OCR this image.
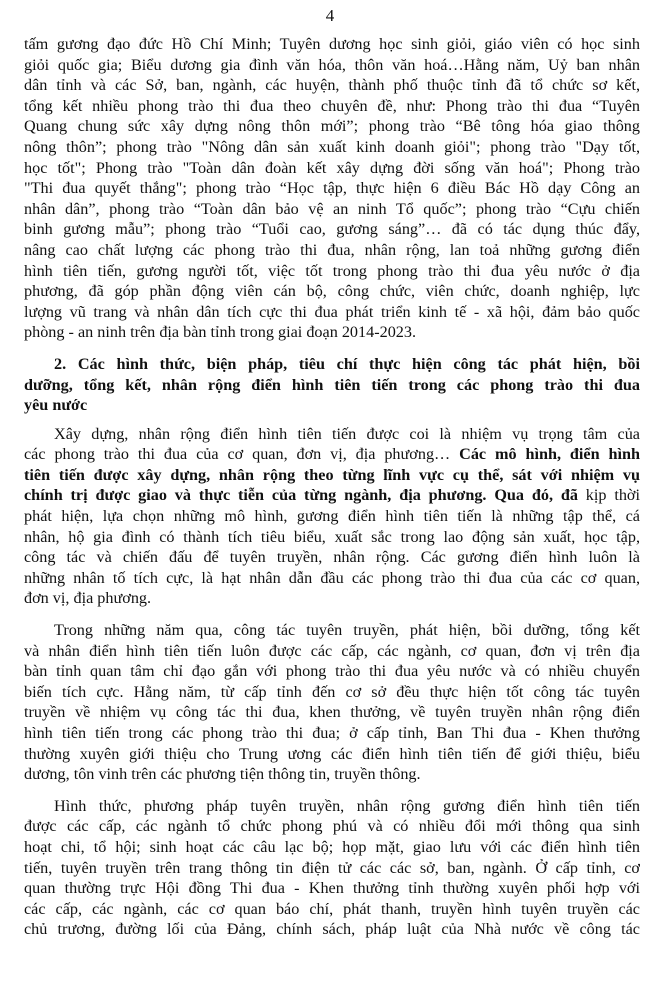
4

tấm gương đạo đức Hồ Chí Minh; Tuyên dương học sinh giỏi, giáo viên có học sinh
giỏi quốc gia; Biểu dương gia đình văn hóa, thôn văn hoá…Hằng năm, Uỷ ban nhân
dân tỉnh và các Sở, ban, ngành, các huyện, thành phố thuộc tỉnh đã tổ chức sơ kết,
tổng kết nhiều phong trào thi đua theo chuyên đề, như: Phong trào thi đua “Tuyên
Quang chung sức xây dựng nông thôn mới”; phong trào “Bê tông hóa giao thông
nông thôn”; phong trào "Nông dân sản xuất kinh doanh giỏi"; phong trào "Dạy tốt,
học tốt"; Phong trào "Toàn dân đoàn kết xây dựng đời sống văn hoá"; Phong trào
"Thi đua quyết thắng"; phong trào “Học tập, thực hiện 6 điều Bác Hồ dạy Công an
nhân dân”, phong trào “Toàn dân bảo vệ an ninh Tổ quốc”; phong trào “Cựu chiến
binh gương mẫu”; phong trào “Tuổi cao, gương sáng”… đã có tác dụng thúc đẩy,
nâng cao chất lượng các phong trào thi đua, nhân rộng, lan toả những gương điển
hình tiên tiến, gương người tốt, việc tốt trong phong trào thi đua yêu nước ở địa
phương, đã góp phần động viên cán bộ, công chức, viên chức, doanh nghiệp, lực
lượng vũ trang và nhân dân tích cực thi đua phát triển kinh tế - xã hội, đảm bảo quốc
phòng - an ninh trên địa bàn tỉnh trong giai đoạn 2014-2023.

2. Các hình thức, biện pháp, tiêu chí thực hiện công tác phát hiện, bồi
dưỡng, tổng kết, nhân rộng điển hình tiên tiến trong các phong trào thi đua
yêu nước

Xây dựng, nhân rộng điển hình tiên tiến được coi là nhiệm vụ trọng tâm của
các phong trào thi đua của cơ quan, đơn vị, địa phương… Các mô hình, điển hình
tiên tiến được xây dựng, nhân rộng theo từng lĩnh vực cụ thể, sát với nhiệm vụ
chính trị được giao và thực tiễn của từng ngành, địa phương. Qua đó, đã kịp thời
phát hiện, lựa chọn những mô hình, gương điển hình tiên tiến là những tập thể, cá
nhân, hộ gia đình có thành tích tiêu biểu, xuất sắc trong lao động sản xuất, học tập,
công tác và chiến đấu để tuyên truyền, nhân rộng. Các gương điển hình luôn là
những nhân tố tích cực, là hạt nhân dẫn đầu các phong trào thi đua của các cơ quan,
đơn vị, địa phương.

Trong những năm qua, công tác tuyên truyền, phát hiện, bồi dưỡng, tổng kết
và nhân điển hình tiên tiến luôn được các cấp, các ngành, cơ quan, đơn vị trên địa
bàn tỉnh quan tâm chỉ đạo gắn với phong trào thi đua yêu nước và có nhiều chuyển
biến tích cực. Hằng năm, từ cấp tỉnh đến cơ sở đều thực hiện tốt công tác tuyên
truyền về nhiệm vụ công tác thi đua, khen thưởng, về tuyên truyền nhân rộng điển
hình tiên tiến trong các phong trào thi đua; ở cấp tỉnh, Ban Thi đua - Khen thưởng
thường xuyên giới thiệu cho Trung ương các điển hình tiên tiến để giới thiệu, biểu
dương, tôn vinh trên các phương tiện thông tin, truyền thông.

Hình thức, phương pháp tuyên truyền, nhân rộng gương điển hình tiên tiến
được các cấp, các ngành tổ chức phong phú và có nhiều đổi mới thông qua sinh
hoạt chi, tổ hội; sinh hoạt các câu lạc bộ; họp mặt, giao lưu với các điển hình tiên
tiến, tuyên truyền trên trang thông tin điện tử các các sở, ban, ngành. Ở cấp tỉnh, cơ
quan thường trực Hội đồng Thi đua - Khen thưởng tỉnh thường xuyên phối hợp với
các cấp, các ngành, các cơ quan báo chí, phát thanh, truyền hình tuyên truyền các
chủ trương, đường lối của Đảng, chính sách, pháp luật của Nhà nước về công tác
